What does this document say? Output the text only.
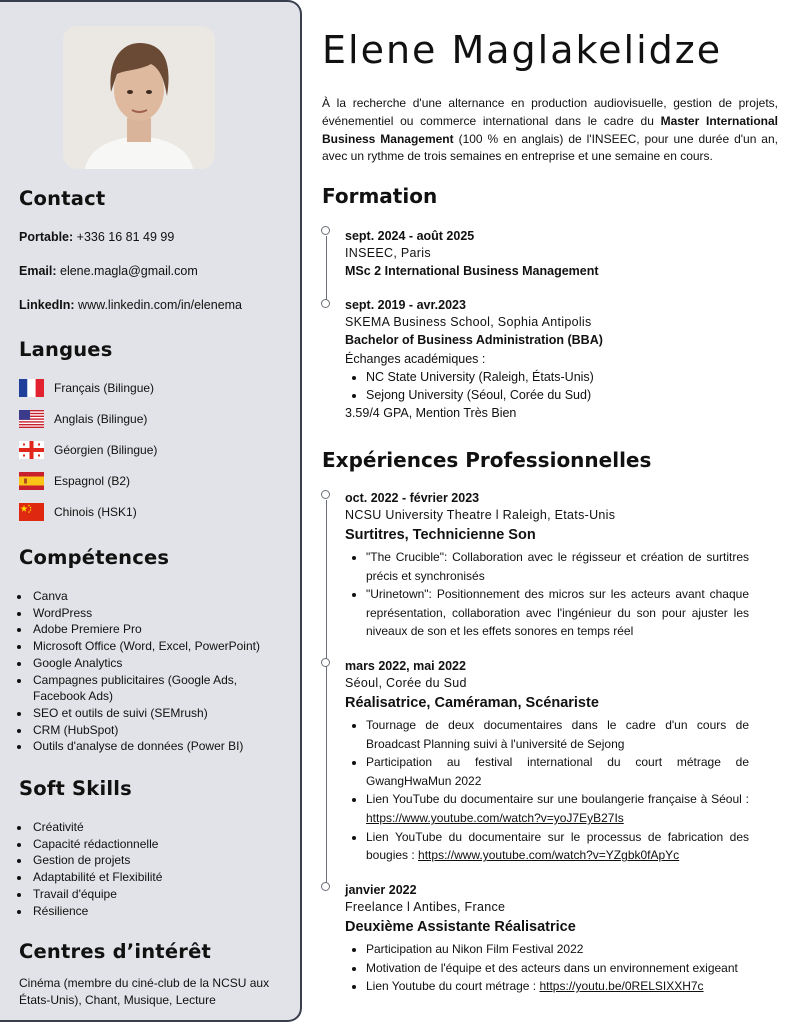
Contact
Portable: +336 16 81 49 99
Email: elene.magla@gmail.com
LinkedIn: www.linkedin.com/in/elenema
Langues
Français (Bilingue)
Anglais (Bilingue)
Géorgien (Bilingue)
Espagnol (B2)
Chinois (HSK1)
Compétences
• Canva
• WordPress
• Adobe Premiere Pro
• Microsoft Office (Word, Excel, PowerPoint)
• Google Analytics
• Campagnes publicitaires (Google Ads, Facebook Ads)
• SEO et outils de suivi (SEMrush)
• CRM (HubSpot)
• Outils d'analyse de données (Power BI)
Soft Skills
• Créativité
• Capacité rédactionnelle
• Gestion de projets
• Adaptabilité et Flexibilité
• Travail d'équipe
• Résilience
Centres d’intérêt
Cinéma (membre du ciné-club de la NCSU aux États-Unis), Chant, Musique, Lecture
Elene Maglakelidze

À la recherche d'une alternance en production audiovisuelle, gestion de projets, événementiel ou commerce international dans le cadre du Master International Business Management (100 % en anglais) de l'INSEEC, pour une durée d'un an, avec un rythme de trois semaines en entreprise et une semaine en cours.

Formation
sept. 2024 - août 2025
INSEEC, Paris
MSc 2 International Business Management
sept. 2019 - avr.2023
SKEMA Business School, Sophia Antipolis
Bachelor of Business Administration (BBA)
Échanges académiques :
• NC State University (Raleigh, États-Unis)
• Sejong University (Séoul, Corée du Sud)
3.59/4 GPA, Mention Très Bien
Expériences Professionnelles
oct. 2022 - février 2023
NCSU University Theatre l Raleigh, Etats-Unis
Surtitres, Technicienne Son
• "The Crucible": Collaboration avec le régisseur et création de surtitres précis et synchronisés
• "Urinetown": Positionnement des micros sur les acteurs avant chaque représentation, collaboration avec l'ingénieur du son pour ajuster les niveaux de son et les effets sonores en temps réel
mars 2022, mai 2022
Séoul, Corée du Sud
Réalisatrice, Caméraman, Scénariste
• Tournage de deux documentaires dans le cadre d'un cours de Broadcast Planning suivi à l'université de Sejong
• Participation au festival international du court métrage de GwangHwaMun 2022
• Lien YouTube du documentaire sur une boulangerie française à Séoul : https://www.youtube.com/watch?v=yoJ7EyB27Is
• Lien YouTube du documentaire sur le processus de fabrication des bougies : https://www.youtube.com/watch?v=YZgbk0fApYc
janvier 2022
Freelance l Antibes, France
Deuxième Assistante Réalisatrice
• Participation au Nikon Film Festival 2022
• Motivation de l'équipe et des acteurs dans un environnement exigeant
• Lien Youtube du court métrage : https://youtu.be/0RELSIXXH7c
